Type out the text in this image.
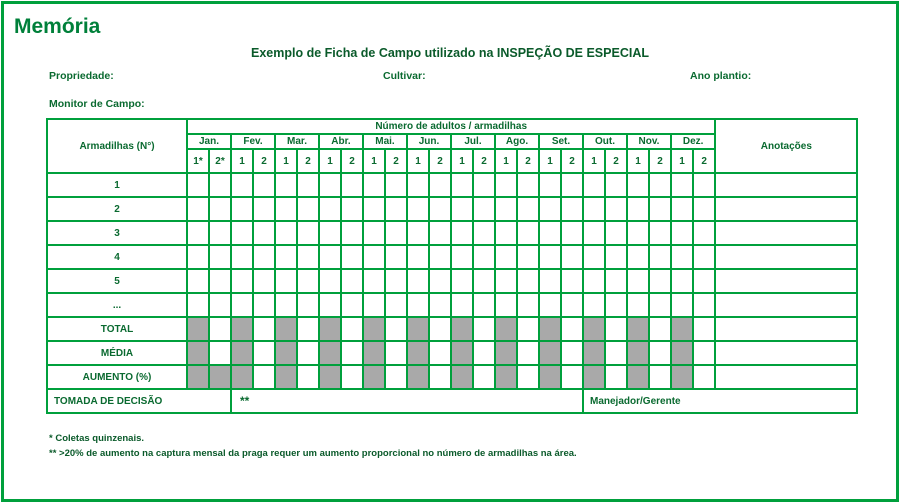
Memória
Exemplo de Ficha de Campo utilizado na INSPEÇÃO DE ESPECIAL
Propriedade:	Cultivar:	Ano plantio:
Monitor de Campo:
Armadilhas (N°)	Número de adultos / armadilhas																								Anotações
	Jan.		Fev.		Mar.		Abr.		Mai.		Jun.		Jul.		Ago.		Set.		Out.		Nov.		Dez.		
	1*	2*	1	2	1	2	1	2	1	2	1	2	1	2	1	2	1	2	1	2	1	2	1	2	
1																									
2																									
3																									
4																									
5																									
...																									
TOTAL																									
MÉDIA																									
AUMENTO (%)																									
TOMADA DE DECISÃO			**																Manejador/Gerente						
* Coletas quinzenais.
** >20% de aumento na captura mensal da praga requer um aumento proporcional no número de armadilhas na área.
